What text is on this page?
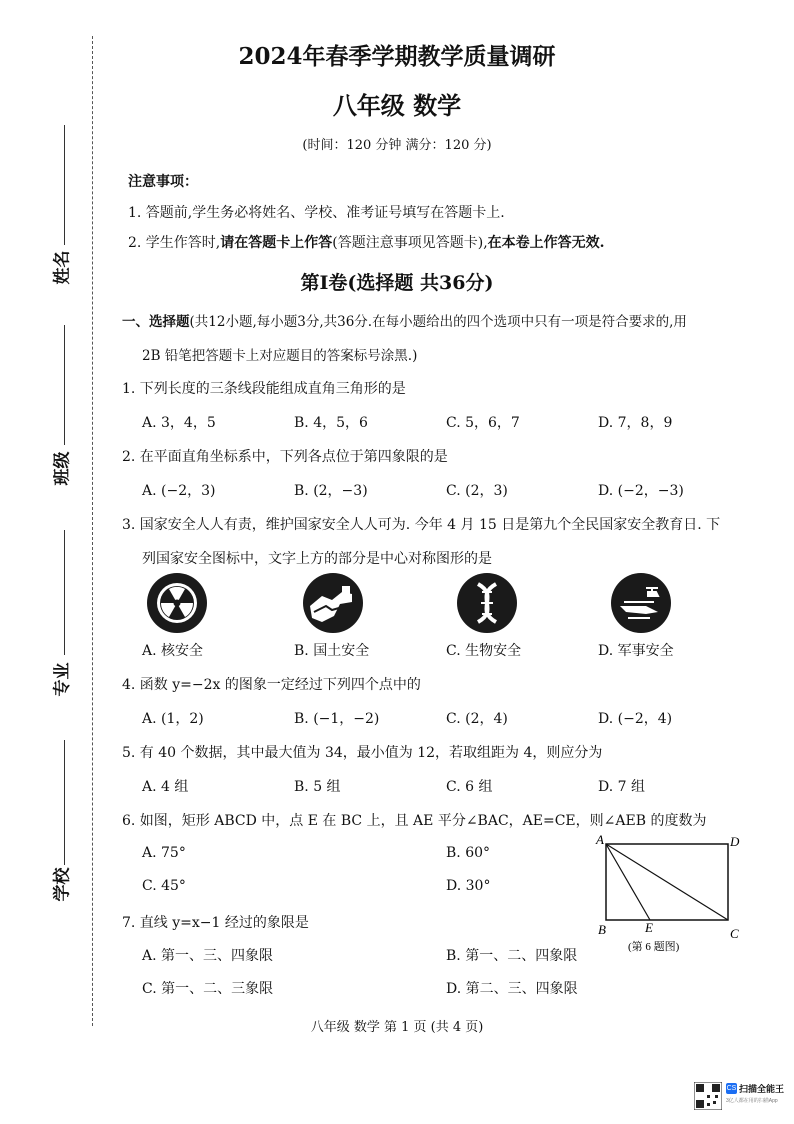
姓名
班级
专业
学校
2024年春季学期教学质量调研
八年级 数学
(时间：120 分钟 满分：120 分)
注意事项：
1. 答题前,学生务必将姓名、学校、准考证号填写在答题卡上.
2. 学生作答时,请在答题卡上作答(答题注意事项见答题卡),在本卷上作答无效.
第Ⅰ卷(选择题 共36分)
一、选择题(共12小题,每小题3分,共36分.在每小题给出的四个选项中只有一项是符合要求的,用
2B 铅笔把答题卡上对应题目的答案标号涂黑.)
1. 下列长度的三条线段能组成直角三角形的是
A. 3，4，5	B. 4，5，6	C. 5，6，7	D. 7，8，9
2. 在平面直角坐标系中，下列各点位于第四象限的是
A. (−2，3)	B. (2，−3)	C. (2，3)	D. (−2，−3)
3. 国家安全人人有责，维护国家安全人人可为. 今年 4 月 15 日是第九个全民国家安全教育日. 下
列国家安全图标中，文字上方的部分是中心对称图形的是
A. 核安全	B. 国土安全	C. 生物安全	D. 军事安全
4. 函数 y=−2x 的图象一定经过下列四个点中的
A. (1，2)	B. (−1，−2)	C. (2，4)	D. (−2，4)
5. 有 40 个数据，其中最大值为 34，最小值为 12，若取组距为 4，则应分为
A. 4 组	B. 5 组	C. 6 组	D. 7 组
6. 如图，矩形 ABCD 中，点 E 在 BC 上，且 AE 平分∠BAC，AE=CE，则∠AEB 的度数为
A. 75°	B. 60°
C. 45°	D. 30°
A	D
B	E	C
(第 6 题图)
7. 直线 y=x−1 经过的象限是
A. 第一、三、四象限	B. 第一、二、四象限
C. 第一、二、三象限	D. 第二、三、四象限
八年级 数学 第 1 页 (共 4 页)
CS 扫描全能王
3亿人都在用的扫描App
